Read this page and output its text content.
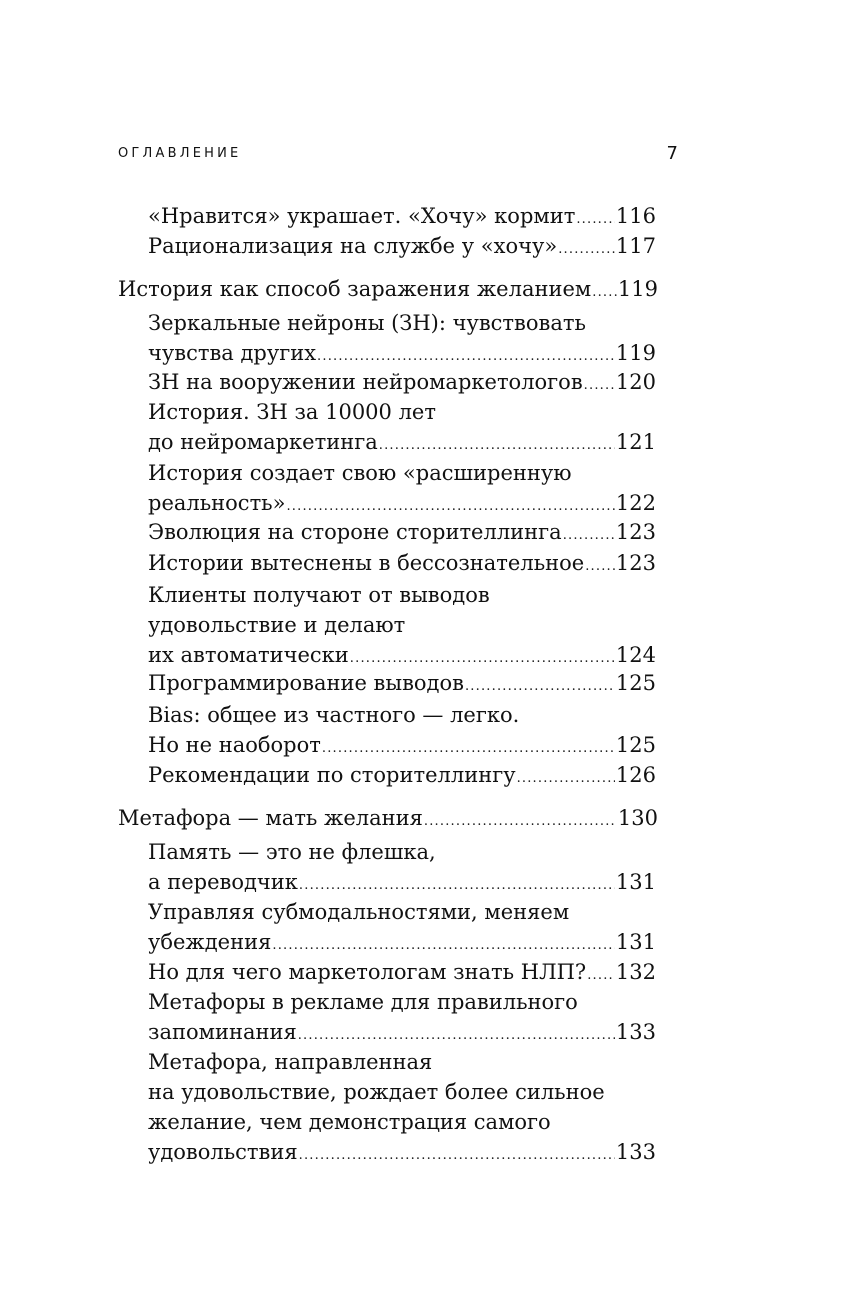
ОГЛАВЛЕНИЕ	7
«Нравится» украшает. «Хочу» кормит ..... 116
Рационализация на службе у «хочу» .....	117
История как способ заражения желанием ..... 119
Зеркальные нейроны (ЗН): чувствовать
чувства других .....	119
ЗН на вооружении нейромаркетологов ..... 120
История. ЗН за 10000 лет
до нейромаркетинга .....	121
История создает свою «расширенную
реальность» .....	122
Эволюция на стороне сторителлинга .....	123
Истории вытеснены в бессознательное ..... 123
Клиенты получают от выводов
удовольствие и делают
их автоматически .....	124
Программирование выводов .....	125
Bias: общее из частного — легко.
Но не наоборот .....	125
Рекомендации по сторителлингу .....	126
Метафора — мать желания .....	130
Память — это не флешка,
а переводчик .....	131
Управляя субмодальностями, меняем
убеждения .....	131
Но для чего маркетологам знать НЛП? ..... 132
Метафоры в рекламе для правильного
запоминания .....	133
Метафора, направленная
на удовольствие, рождает более сильное
желание, чем демонстрация самого
удовольствия .....	133
